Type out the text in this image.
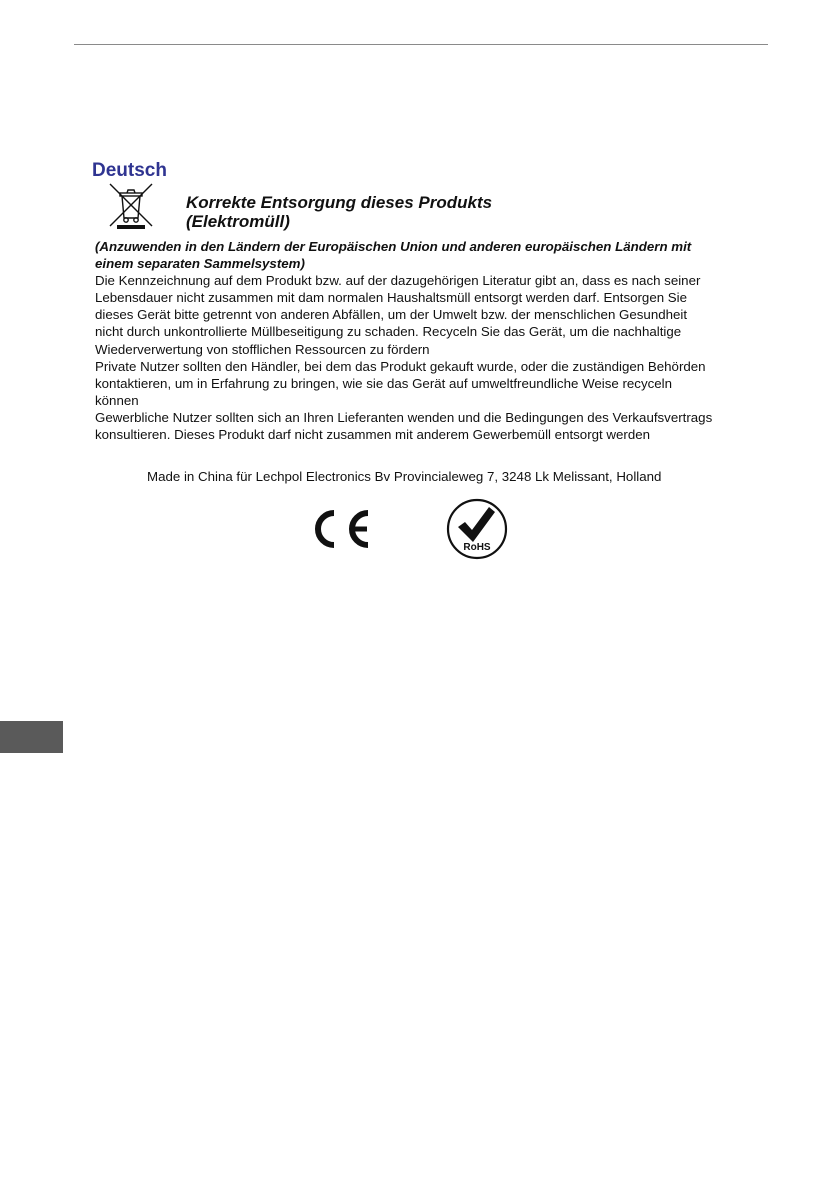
Deutsch
Korrekte Entsorgung dieses Produkts
(Elektromüll)
(Anzuwenden in den Ländern der Europäischen Union und anderen europäischen Ländern mit
einem separaten Sammelsystem)
Die Kennzeichnung auf dem Produkt bzw. auf der dazugehörigen Literatur gibt an, dass es nach seiner
Lebensdauer nicht zusammen mit dam normalen Haushaltsmüll entsorgt werden darf. Entsorgen Sie
dieses Gerät bitte getrennt von anderen Abfällen, um der Umwelt bzw. der menschlichen Gesundheit
nicht durch unkontrollierte Müllbeseitigung zu schaden. Recyceln Sie das Gerät, um die nachhaltige
Wiederverwertung von stofflichen Ressourcen zu fördern
Private Nutzer sollten den Händler, bei dem das Produkt gekauft wurde, oder die zuständigen Behörden
kontaktieren, um in Erfahrung zu bringen, wie sie das Gerät auf umweltfreundliche Weise recyceln
können
Gewerbliche Nutzer sollten sich an Ihren Lieferanten wenden und die Bedingungen des Verkaufsvertrags
konsultieren. Dieses Produkt darf nicht zusammen mit anderem Gewerbemüll entsorgt werden
Made in China für Lechpol Electronics Bv Provincialeweg 7, 3248 Lk Melissant, Holland
RoHS
